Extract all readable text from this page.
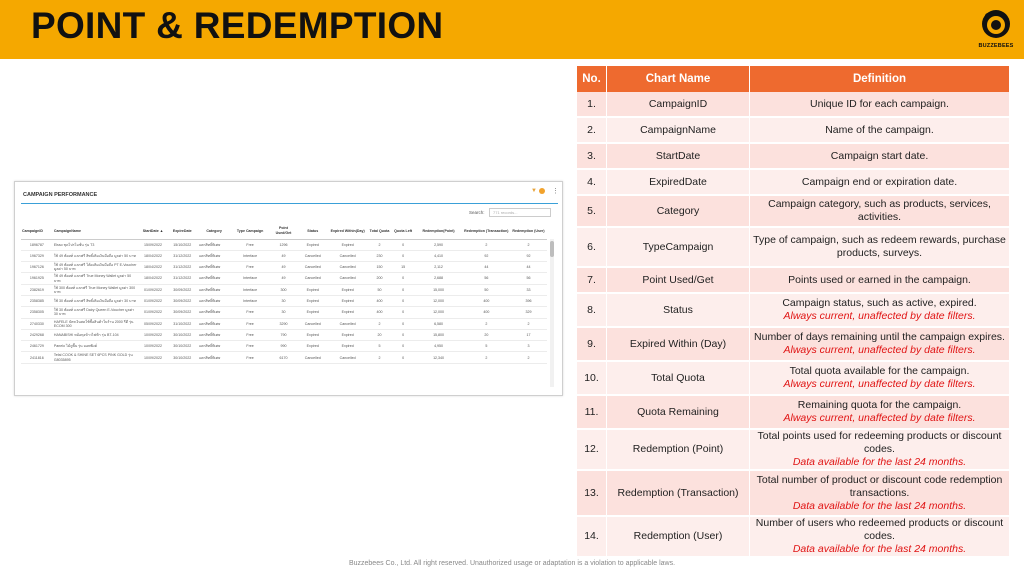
POINT & REDEMPTION	BUZZEBEES
CAMPAIGN PERFORMANCE
▼ ⋮
Search:	771 records...
CampaignID	CampaignName	StartDate ▲	ExpireDate	Category	Type Campaign	Point Used/Get	Status	Expired Within(Day)	Total Quota	Quota Left	Redemption(Point)	Redemption (Transaction)	Redemption (User)
1896787	Elsso ชุดโปรโมชั่น รุ่น T3	15/09/2022	15/10/2022	แลกสิทธิ์พิเศษ	Free	1296	Expired	Expired	2	0	2,590	2	2
1967329	ใช้ 49 พ้อยท์ แลกฟรี สิทธิ์เติมเงินมือถือ มูลค่า 50 บาท	18/04/2022	31/12/2022	แลกสิทธิ์พิเศษ	Interface	49	Cancelled	Cancelled	230	0	4,410	92	92
1967126	ใช้ 49 พ้อยท์ แลกฟรี โค้ดเติมเงินมือถือ PT E-Voucher มูลค่า 50 บาท	18/04/2022	31/12/2022	แลกสิทธิ์พิเศษ	Free	49	Cancelled	Cancelled	150	15	2,112	44	44
1961925	ใช้ 49 พ้อยท์ แลกฟรี True Money Wallet มูลค่า 50 บาท	18/04/2022	31/12/2022	แลกสิทธิ์พิเศษ	Interface	49	Cancelled	Cancelled	200	0	2,688	56	56
2382619	ใช้ 300 พ้อยท์ แลกฟรี True Money Wallet มูลค่า 300 บาท	01/09/2022	30/09/2022	แลกสิทธิ์พิเศษ	Interface	300	Expired	Expired	50	0	15,000	50	33
2358385	ใช้ 30 พ้อยท์ แลกฟรี สิทธิ์เติมเงินมือถือ มูลค่า 30 บาท	01/09/2022	30/09/2022	แลกสิทธิ์พิเศษ	Interface	30	Expired	Expired	400	0	12,000	400	396
2358305	ใช้ 30 พ้อยท์ แลกฟรี Dairy Queen E-Voucher มูลค่า 30 บาท	01/09/2022	30/09/2022	แลกสิทธิ์พิเศษ	Free	30	Expired	Expired	400	0	12,000	400	329
2740330	HAFELE บัตรเงินสดใช้ซื้อสินค้าในร้าน 2000 รีดี รุ่น ECOM 300	05/09/2022	31/10/2022	แลกสิทธิ์พิเศษ	Free	3290	Cancelled	Cancelled	2	0	6,580	2	2
2429268	HANABISHI หม้อหุงข้าวไฟฟ้า รุ่น BT-104	10/09/2022	30/10/2022	แลกสิทธิ์พิเศษ	Free	790	Expired	Expired	20	0	15,800	20	17
2461729	Panelo ไม้ถูพื้น รุ่น มอพพิงค์	10/09/2022	30/10/2022	แลกสิทธิ์พิเศษ	Free	990	Expired	Expired	5	0	4,950	5	3
2411816	Tefal COOK & SHINE SET 6PCS PINK GOLD รุ่น G8035895	10/09/2022	30/10/2022	แลกสิทธิ์พิเศษ	Free	6170	Cancelled	Cancelled	2	0	12,340	2	2
No.	Chart Name	Definition
1.	CampaignID	Unique ID for each campaign.
2.	CampaignName	Name of the campaign.
3.	StartDate	Campaign start date.
4.	ExpiredDate	Campaign end or expiration date.
5.	Category	Campaign category, such as products, services, activities.
6.	TypeCampaign	Type of campaign, such as redeem rewards, purchase products, surveys.
7.	Point Used/Get	Points used or earned in the campaign.
8.	Status	Campaign status, such as active, expired.
Always current, unaffected by date filters.

9.	Expired Within (Day)	Number of days remaining until the campaign expires.
Always current, unaffected by date filters.

10.	Total Quota	Total quota available for the campaign.
Always current, unaffected by date filters.

11.	Quota Remaining	Remaining quota for the campaign.
Always current, unaffected by date filters.

12.	Redemption (Point)	Total points used for redeeming products or discount codes.
Data available for the last 24 months.

13.	Redemption (Transaction)	Total number of product or discount code redemption transactions.
Data available for the last 24 months.

14.	Redemption (User)	Number of users who redeemed products or discount codes.
Data available for the last 24 months.
Buzzebees Co., Ltd. All right reserved. Unauthorized usage or adaptation is a violation to applicable laws.
